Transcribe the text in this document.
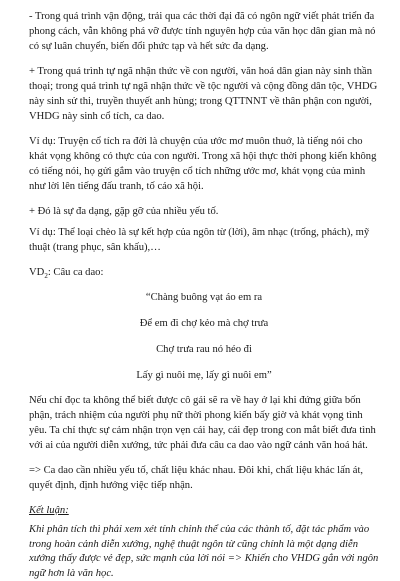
- Trong quá trình vận động, trải qua các thời đại đã có ngôn ngữ viết phát triển đa phong cách, vẫn không phá vỡ được tính nguyên hợp của văn học dân gian mà nó có sự luân chuyển, biến đổi phức tạp và hết sức đa dạng.

+ Trong quá trình tự ngã nhận thức về con người, văn hoá dân gian này sinh thần thoại; trong quá trình tự ngã nhận thức về tộc người và cộng đồng dân tộc, VHDG này sinh sử thi, truyền thuyết anh hùng; trong QTTNNT về thân phận con người, VHDG này sinh cổ tích, ca dao.

Ví dụ: Truyện cổ tích ra đời là chuyện của ước mơ muôn thuở, là tiếng nói cho khát vọng không có thực của con người. Trong xã hội thực thời phong kiến không có tiếng nói, họ gửi gắm vào truyện cổ tích những ước mơ, khát vọng của mình như lời lên tiếng đấu tranh, tố cáo xã hội.

+ Đó là sự đa dạng, gặp gỡ của nhiều yếu tố.

Ví dụ: Thể loại chèo là sự kết hợp của ngôn từ (lời), âm nhạc (trống, phách), mỹ thuật (trang phục, sân khấu),…

$VD_2$: Câu ca dao:

“Chàng buông vạt áo em ra

Để em đi chợ kẻo mà chợ trưa

Chợ trưa rau nó héo đi

Lấy gì nuôi mẹ, lấy gì nuôi em”

Nếu chỉ đọc ta không thể biết được cô gái sẽ ra về hay ở lại khi đứng giữa bốn phận, trách nhiệm của người phụ nữ thời phong kiến bấy giờ và khát vọng tình yêu. Ta chỉ thực sự cảm nhận trọn vẹn cái hay, cái đẹp trong con mắt biết đưa tình với ai của người diễn xướng, tức phải đưa câu ca dao vào ngữ cảnh văn hoá hát.

=> Ca dao cần nhiều yếu tố, chất liệu khác nhau. Đôi khi, chất liệu khác lấn át, quyết định, định hướng việc tiếp nhận.

Kết luận:

Khi phân tích thì phải xem xét tính chỉnh thể của các thành tố, đặt tác phẩm vào trong hoàn cảnh diễn xướng, nghệ thuật ngôn từ cũng chính là một dạng diễn xướng thấy được vẻ đẹp, sức mạnh của lời nói => Khiến cho VHDG gắn với ngôn ngữ hơn là văn học.
